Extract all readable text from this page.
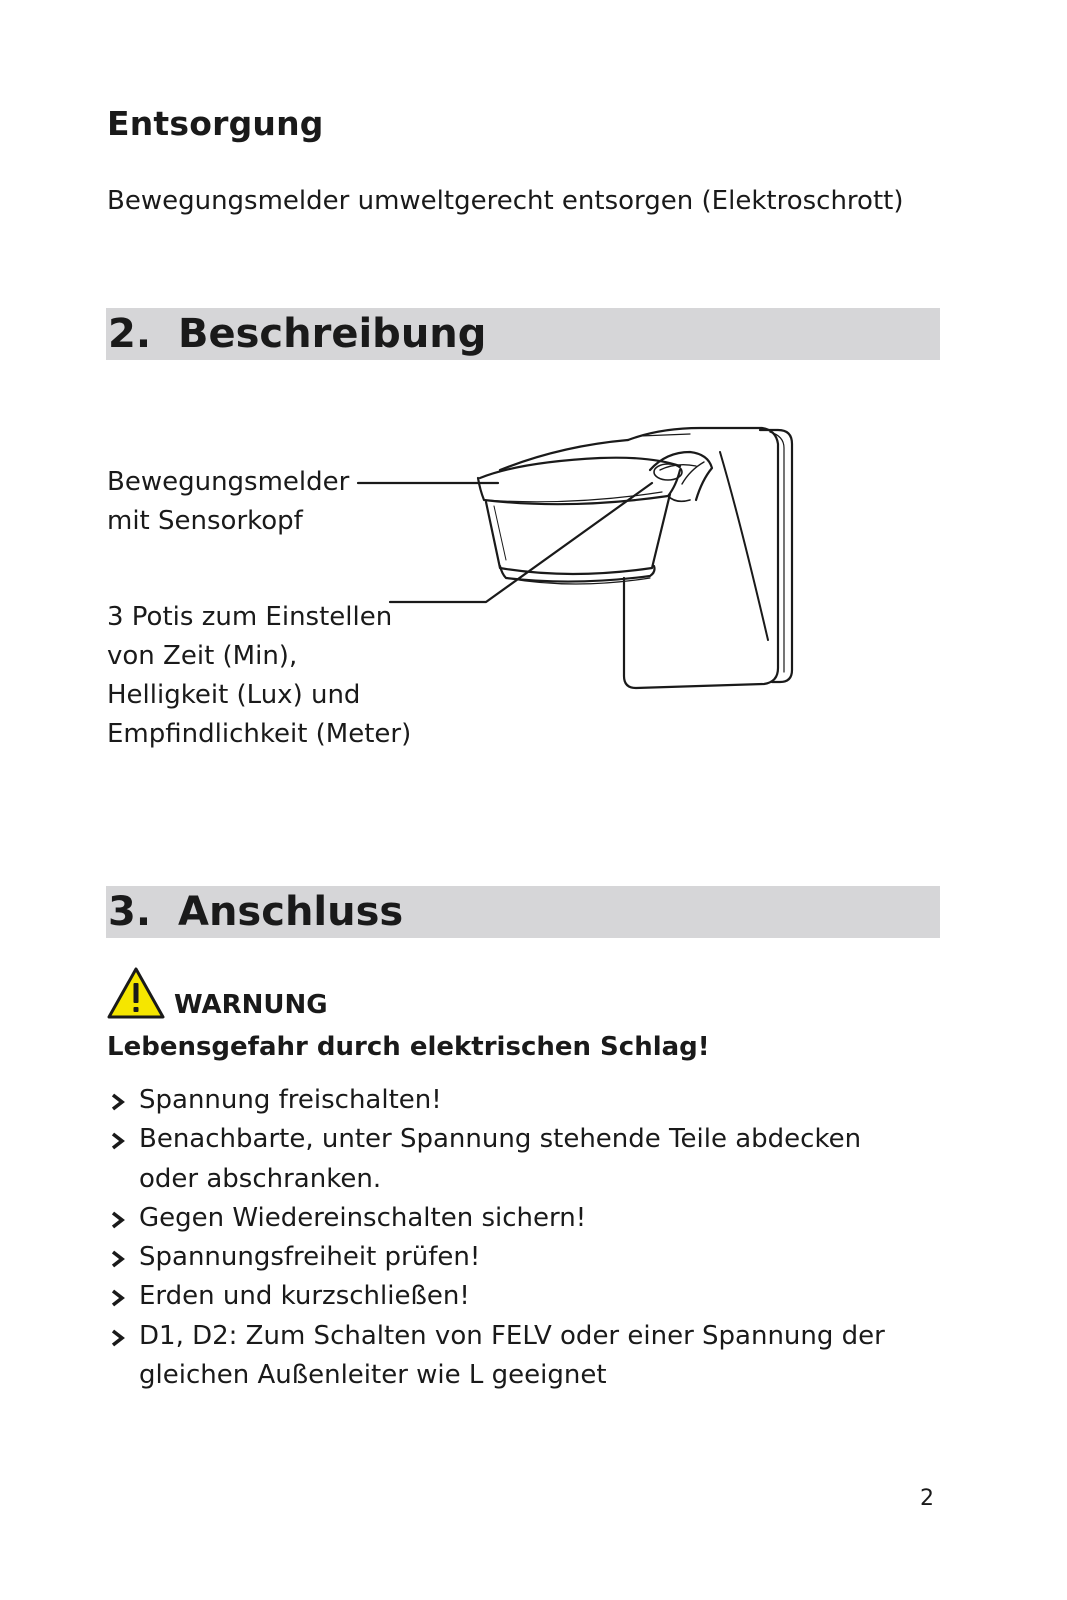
Entsorgung
Bewegungsmelder umweltgerecht entsorgen (Elektroschrott)
2. Beschreibung
Bewegungsmelder
mit Sensorkopf
3 Potis zum Einstellen
von Zeit (Min),
Helligkeit (Lux) und
Empfindlichkeit (Meter)
3. Anschluss
WARNUNG
Lebensgefahr durch elektrischen Schlag!
Spannung freischalten!
Benachbarte, unter Spannung stehende Teile abdecken
oder abschranken.
Gegen Wiedereinschalten sichern!
Spannungsfreiheit prüfen!
Erden und kurzschließen!
D1, D2: Zum Schalten von FELV oder einer Spannung der
gleichen Außenleiter wie L geeignet
2
